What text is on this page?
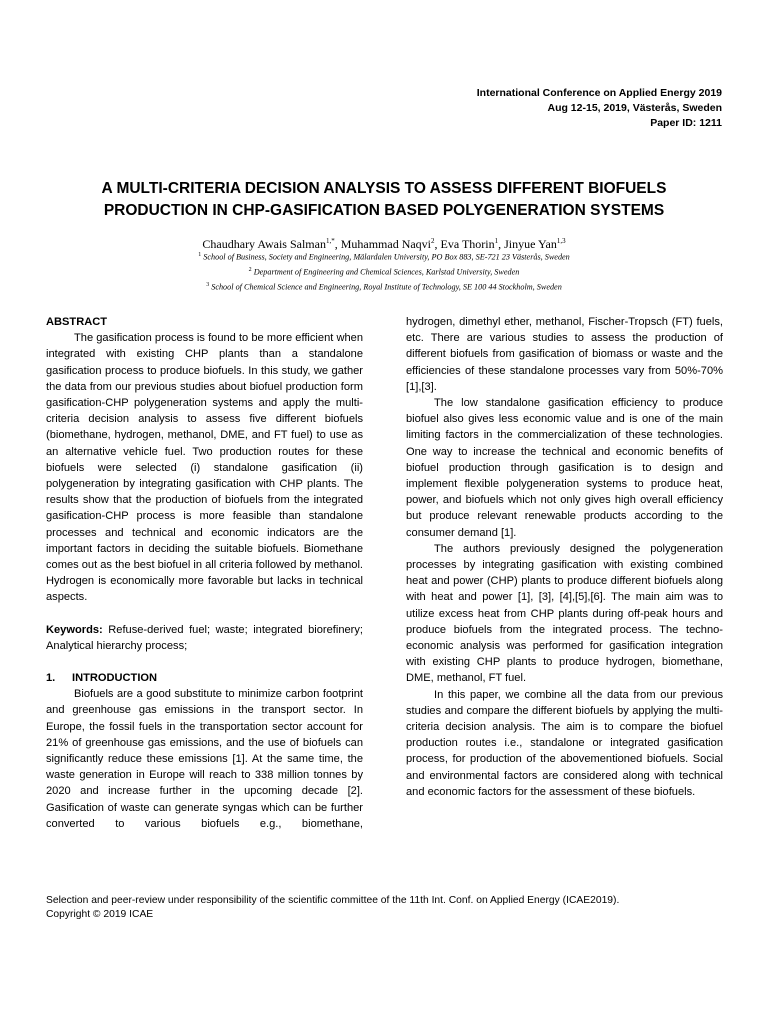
International Conference on Applied Energy 2019
Aug 12-15, 2019, Västerås, Sweden
Paper ID: 1211
A MULTI-CRITERIA DECISION ANALYSIS TO ASSESS DIFFERENT BIOFUELS
PRODUCTION IN CHP-GASIFICATION BASED POLYGENERATION SYSTEMS
Chaudhary Awais Salman$^{1,*}$, Muhammad Naqvi$^2$, Eva Thorin$^1$, Jinyue Yan$^{1,3}$
$^1$ School of Business, Society and Engineering, Mälardalen University, PO Box 883, SE-721 23 Västerås, Sweden
$^2$ Department of Engineering and Chemical Sciences, Karlstad University, Sweden
$^3$ School of Chemical Science and Engineering, Royal Institute of Technology, SE 100 44 Stockholm, Sweden
ABSTRACT

The gasification process is found to be more efficient when integrated with existing CHP plants than a standalone gasification process to produce biofuels. In this study, we gather the data from our previous studies about biofuel production form gasification-CHP polygeneration systems and apply the multi-criteria decision analysis to assess five different biofuels (biomethane, hydrogen, methanol, DME, and FT fuel) to use as an alternative vehicle fuel. Two production routes for these biofuels were selected (i) standalone gasification (ii) polygeneration by integrating gasification with CHP plants. The results show that the production of biofuels from the integrated gasification-CHP process is more feasible than standalone processes and technical and economic indicators are the important factors in deciding the suitable biofuels. Biomethane comes out as the best biofuel in all criteria followed by methanol. Hydrogen is economically more favorable but lacks in technical aspects.

Keywords: Refuse-derived fuel; waste; integrated biorefinery; Analytical hierarchy process;

1. INTRODUCTION

Biofuels are a good substitute to minimize carbon footprint and greenhouse gas emissions in the transport sector. In Europe, the fossil fuels in the transportation sector account for 21% of greenhouse gas emissions, and the use of biofuels can significantly reduce these emissions [1]. At the same time, the waste generation in Europe will reach to 338 million tonnes by 2020 and increase further in the upcoming decade [2]. Gasification of waste can generate syngas which can be further converted to various biofuels e.g., biomethane,

hydrogen, dimethyl ether, methanol, Fischer-Tropsch (FT) fuels, etc. There are various studies to assess the production of different biofuels from gasification of biomass or waste and the efficiencies of these standalone processes vary from 50%-70% [1],[3].

The low standalone gasification efficiency to produce biofuel also gives less economic value and is one of the main limiting factors in the commercialization of these technologies. One way to increase the technical and economic benefits of biofuel production through gasification is to design and implement flexible polygeneration systems to produce heat, power, and biofuels which not only gives high overall efficiency but produce relevant renewable products according to the consumer demand [1].

The authors previously designed the polygeneration processes by integrating gasification with existing combined heat and power (CHP) plants to produce different biofuels along with heat and power [1], [3], [4],[5],[6]. The main aim was to utilize excess heat from CHP plants during off-peak hours and produce biofuels from the integrated process. The techno-economic analysis was performed for gasification integration with existing CHP plants to produce hydrogen, biomethane, DME, methanol, FT fuel.

In this paper, we combine all the data from our previous studies and compare the different biofuels by applying the multi-criteria decision analysis. The aim is to compare the biofuel production routes i.e., standalone or integrated gasification process, for production of the abovementioned biofuels. Social and environmental factors are considered along with technical and economic factors for the assessment of these biofuels.

Selection and peer-review under responsibility of the scientific committee of the 11th Int. Conf. on Applied Energy (ICAE2019).
Copyright © 2019 ICAE
